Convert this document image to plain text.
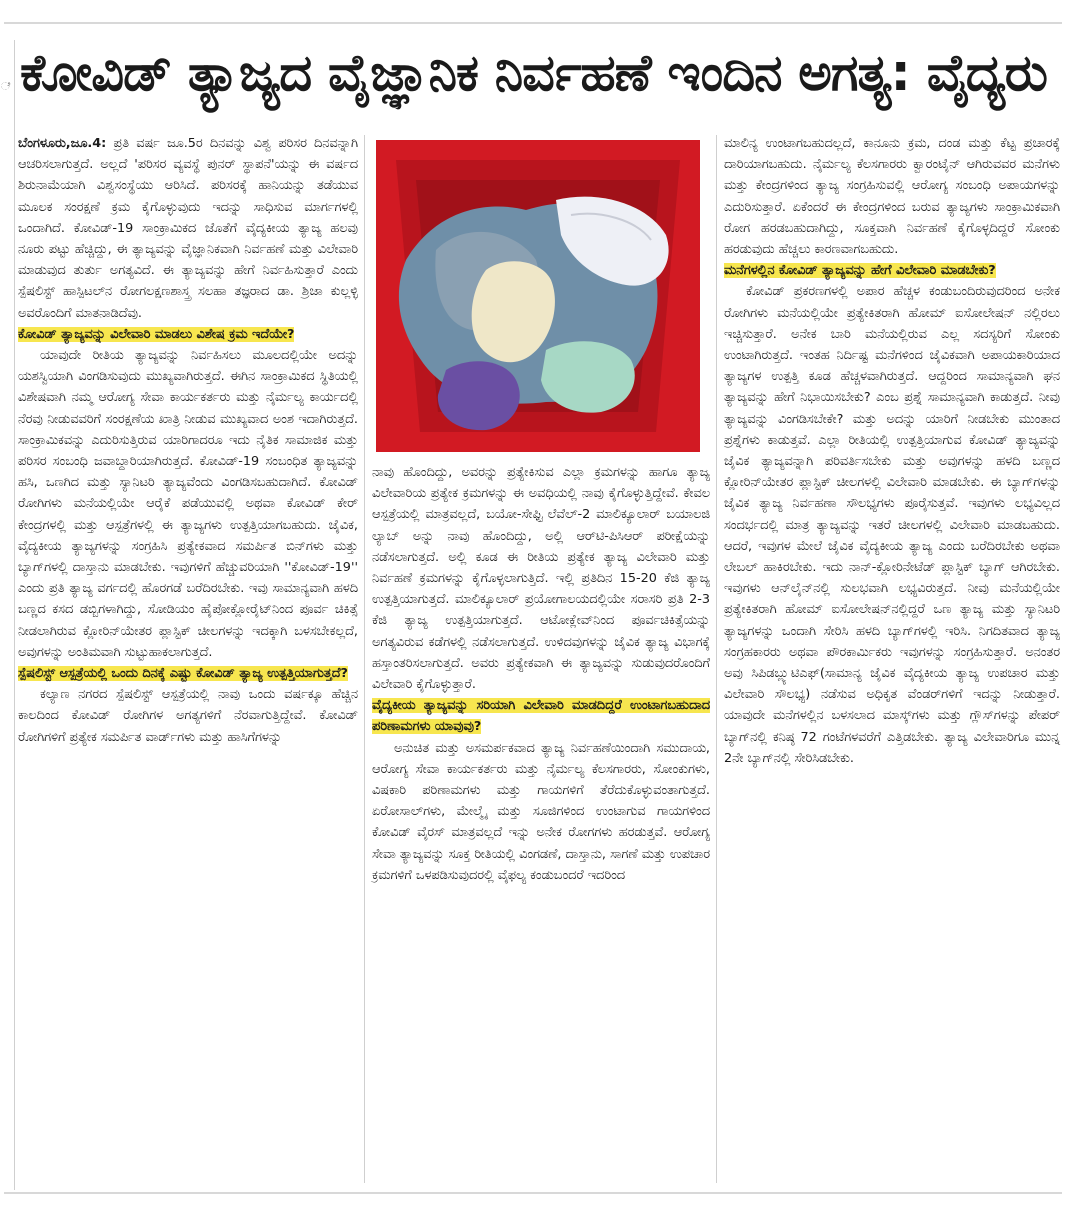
ೆ ಕೋವಿಡ್ ತ್ಯಾಜ್ಯದ ವೈಜ್ಞಾನಿಕ ನಿರ್ವಹಣೆ ಇಂದಿನ ಅಗತ್ಯ: ವೈದ್ಯರು

ಬೆಂಗಳೂರು,ಜೂ.4: ಪ್ರತಿ ವರ್ಷ ಜೂ.5ರ ದಿನವನ್ನು ವಿಶ್ವ ಪರಿಸರ ದಿನವನ್ನಾಗಿ ಆಚರಿಸಲಾಗುತ್ತದೆ. ಅಲ್ಲದೆ 'ಪರಿಸರ ವ್ಯವಸ್ಥೆ ಪುನರ್ ಸ್ಥಾಪನೆ'ಯನ್ನು ಈ ವರ್ಷದ ಶಿರುನಾಮೆಯಾಗಿ ವಿಶ್ವಸಂಸ್ಥೆಯು ಆರಿಸಿದೆ. ಪರಿಸರಕ್ಕೆ ಹಾನಿಯನ್ನು ತಡೆಯುವ ಮೂಲಕ ಸಂರಕ್ಷಣೆ ಕ್ರಮ ಕೈಗೊಳ್ಳುವುದು ಇದನ್ನು ಸಾಧಿಸುವ ಮಾರ್ಗಗಳಲ್ಲಿ ಒಂದಾಗಿದೆ. ಕೋವಿಡ್-19 ಸಾಂಕ್ರಾಮಿಕದ ಜೊತೆಗೆ ವೈದ್ಯಕೀಯ ತ್ಯಾಜ್ಯ ಹಲವು ನೂರು ಪಟ್ಟು ಹೆಚ್ಚಿದ್ದು, ಈ ತ್ಯಾಜ್ಯವನ್ನು ವೈಜ್ಞಾನಿಕವಾಗಿ ನಿರ್ವಹಣೆ ಮತ್ತು ವಿಲೇವಾರಿ ಮಾಡುವುದ ತುರ್ತು ಅಗತ್ಯವಿದೆ. ಈ ತ್ಯಾಜ್ಯವನ್ನು ಹೇಗೆ ನಿರ್ವಹಿಸುತ್ತಾರೆ ಎಂದು ಸ್ಪೆಷಲಿಸ್ಟ್ ಹಾಸ್ಪಿಟಲ್‌ನ ರೋಗಲಕ್ಷಣಶಾಸ್ತ್ರ ಸಲಹಾ ತಜ್ಞರಾದ ಡಾ. ಶ್ರಿಜಾ ಕುಲ್ಲಳ್ಳಿ ಅವರೊಂದಿಗೆ ಮಾತನಾಡಿದೆವು.

ಕೋವಿಡ್ ತ್ಯಾಜ್ಯವನ್ನು ವಿಲೇವಾರಿ ಮಾಡಲು ವಿಶೇಷ ಕ್ರಮ ಇದೆಯೇ?

ಯಾವುದೇ ರೀತಿಯ ತ್ಯಾಜ್ಯವನ್ನು ನಿರ್ವಹಿಸಲು ಮೂಲದಲ್ಲಿಯೇ ಅದನ್ನು ಯಶಸ್ವಿಯಾಗಿ ವಿಂಗಡಿಸುವುದು ಮುಖ್ಯವಾಗಿರುತ್ತದೆ. ಈಗಿನ ಸಾಂಕ್ರಾಮಿಕದ ಸ್ಥಿತಿಯಲ್ಲಿ ವಿಶೇಷವಾಗಿ ನಮ್ಮ ಆರೋಗ್ಯ ಸೇವಾ ಕಾರ್ಯಕರ್ತರು ಮತ್ತು ನೈರ್ಮಲ್ಯ ಕಾರ್ಯದಲ್ಲಿ ನೆರವು ನೀಡುವವರಿಗೆ ಸಂರಕ್ಷಣೆಯ ಖಾತ್ರಿ ನೀಡುವ ಮುಖ್ಯವಾದ ಅಂಶ ಇದಾಗಿರುತ್ತದೆ. ಸಾಂಕ್ರಾಮಿಕವನ್ನು ಎದುರಿಸುತ್ತಿರುವ ಯಾರಿಗಾದರೂ ಇದು ನೈತಿಕ ಸಾಮಾಜಿಕ ಮತ್ತು ಪರಿಸರ ಸಂಬಂಧಿ ಜವಾಬ್ದಾರಿಯಾಗಿರುತ್ತದೆ. ಕೋವಿಡ್-19 ಸಂಬಂಧಿತ ತ್ಯಾಜ್ಯವನ್ನು ಹಸಿ, ಒಣಗಿದ ಮತ್ತು ಸ್ಯಾನಿಟರಿ ತ್ಯಾಜ್ಯವೆಂದು ವಿಂಗಡಿಸಬಹುದಾಗಿದೆ. ಕೋವಿಡ್ ರೋಗಿಗಳು ಮನೆಯಲ್ಲಿಯೇ ಆರೈಕೆ ಪಡೆಯುವಲ್ಲಿ ಅಥವಾ ಕೋವಿಡ್ ಕೇರ್ ಕೇಂದ್ರಗಳಲ್ಲಿ ಮತ್ತು ಆಸ್ಪತ್ರೆಗಳಲ್ಲಿ ಈ ತ್ಯಾಜ್ಯಗಳು ಉತ್ಪತ್ತಿಯಾಗಬಹುದು. ಜೈವಿಕ, ವೈದ್ಯಕೀಯ ತ್ಯಾಜ್ಯಗಳನ್ನು ಸಂಗ್ರಹಿಸಿ ಪ್ರತ್ಯೇಕವಾದ ಸಮರ್ಪಿತ ಬಿನ್‌ಗಳು ಮತ್ತು ಬ್ಯಾಗ್‌ಗಳಲ್ಲಿ ದಾಸ್ತಾನು ಮಾಡಬೇಕು. ಇವುಗಳಿಗೆ ಹೆಚ್ಚುವರಿಯಾಗಿ ''ಕೋವಿಡ್-19'' ಎಂದು ಪ್ರತಿ ತ್ಯಾಜ್ಯ ವರ್ಗದಲ್ಲಿ ಹೊರಗಡೆ ಬರೆದಿರಬೇಕು. ಇವು ಸಾಮಾನ್ಯವಾಗಿ ಹಳದಿ ಬಣ್ಣದ ಕಸದ ಡಬ್ಬಿಗಳಾಗಿದ್ದು, ಸೋಡಿಯಂ ಹೈಪೋಕ್ಲೋರೈಟ್‌ನಿಂದ ಪೂರ್ವ ಚಿಕಿತ್ಸೆ ನೀಡಲಾಗಿರುವ ಕ್ಲೋರಿನ್‌ಯೇತರ ಪ್ಲಾಸ್ಟಿಕ್ ಚೀಲಗಳನ್ನು ಇದಕ್ಕಾಗಿ ಬಳಸಬೇಕಲ್ಲದೆ, ಅವುಗಳನ್ನು ಅಂತಿಮವಾಗಿ ಸುಟ್ಟುಹಾಕಲಾಗುತ್ತದೆ.

ಸ್ಪೆಷಲಿಸ್ಟ್ ಆಸ್ಪತ್ರೆಯಲ್ಲಿ ಒಂದು ದಿನಕ್ಕೆ ಎಷ್ಟು ಕೋವಿಡ್ ತ್ಯಾಜ್ಯ ಉತ್ಪತ್ತಿಯಾಗುತ್ತದೆ?

ಕಲ್ಯಾಣ ನಗರದ ಸ್ಪೆಷಲಿಸ್ಟ್ ಆಸ್ಪತ್ರೆಯಲ್ಲಿ ನಾವು ಒಂದು ವರ್ಷಕ್ಕೂ ಹೆಚ್ಚಿನ ಕಾಲದಿಂದ ಕೋವಿಡ್ ರೋಗಿಗಳ ಅಗತ್ಯಗಳಿಗೆ ನೆರವಾಗುತ್ತಿದ್ದೇವೆ. ಕೋವಿಡ್ ರೋಗಿಗಳಿಗೆ ಪ್ರತ್ಯೇಕ ಸಮರ್ಪಿತ ವಾರ್ಡ್‌ಗಳು ಮತ್ತು ಹಾಸಿಗೆಗಳನ್ನು

ನಾವು ಹೊಂದಿದ್ದು, ಅವರನ್ನು ಪ್ರತ್ಯೇಕಿಸುವ ಎಲ್ಲಾ ಕ್ರಮಗಳನ್ನು ಹಾಗೂ ತ್ಯಾಜ್ಯ ವಿಲೇವಾರಿಯ ಪ್ರತ್ಯೇಕ ಕ್ರಮಗಳನ್ನು ಈ ಅವಧಿಯಲ್ಲಿ ನಾವು ಕೈಗೊಳ್ಳುತ್ತಿದ್ದೇವೆ. ಕೇವಲ ಆಸ್ಪತ್ರೆಯಲ್ಲಿ ಮಾತ್ರವಲ್ಲದೆ, ಬಯೋ-ಸೇಫ್ಟಿ ಲೆವೆಲ್-2 ಮಾಲಿಕ್ಯೂಲಾರ್ ಬಯಾಲಜಿ ಲ್ಯಾಬ್ ಅನ್ನು ನಾವು ಹೊಂದಿದ್ದು, ಅಲ್ಲಿ ಆರ್‌ಟಿ-ಪಿಸಿಆರ್ ಪರೀಕ್ಷೆಯನ್ನು ನಡೆಸಲಾಗುತ್ತದೆ. ಅಲ್ಲಿ ಕೂಡ ಈ ರೀತಿಯ ಪ್ರತ್ಯೇಕ ತ್ಯಾಜ್ಯ ವಿಲೇವಾರಿ ಮತ್ತು ನಿರ್ವಹಣೆ ಕ್ರಮಗಳನ್ನು ಕೈಗೊಳ್ಳಲಾಗುತ್ತಿದೆ. ಇಲ್ಲಿ ಪ್ರತಿದಿನ 15-20 ಕೆಜಿ ತ್ಯಾಜ್ಯ ಉತ್ಪತ್ತಿಯಾಗುತ್ತದೆ. ಮಾಲಿಕ್ಯೂಲಾರ್ ಪ್ರಯೋಗಾಲಯದಲ್ಲಿಯೇ ಸರಾಸರಿ ಪ್ರತಿ 2-3 ಕೆಜಿ ತ್ಯಾಜ್ಯ ಉತ್ಪತ್ತಿಯಾಗುತ್ತದೆ. ಆಟೋಕ್ಲೇವ್‌ನಿಂದ ಪೂರ್ವಚಿಕಿತ್ಸೆಯನ್ನು ಅಗತ್ಯವಿರುವ ಕಡೆಗಳಲ್ಲಿ ನಡೆಸಲಾಗುತ್ತದೆ. ಉಳಿದವುಗಳನ್ನು ಜೈವಿಕ ತ್ಯಾಜ್ಯ ವಿಭಾಗಕ್ಕೆ ಹಸ್ತಾಂತರಿಸಲಾಗುತ್ತದೆ. ಅವರು ಪ್ರತ್ಯೇಕವಾಗಿ ಈ ತ್ಯಾಜ್ಯವನ್ನು ಸುಡುವುದರೊಂದಿಗೆ ವಿಲೇವಾರಿ ಕೈಗೊಳ್ಳುತ್ತಾರೆ.

ವೈದ್ಯಕೀಯ ತ್ಯಾಜ್ಯವನ್ನು ಸರಿಯಾಗಿ ವಿಲೇವಾರಿ ಮಾಡದಿದ್ದರೆ ಉಂಟಾಗಬಹುದಾದ ಪರಿಣಾಮಗಳು ಯಾವುವು?

ಅನುಚಿತ ಮತ್ತು ಅಸಮರ್ಪಕವಾದ ತ್ಯಾಜ್ಯ ನಿರ್ವಹಣೆಯಿಂದಾಗಿ ಸಮುದಾಯ, ಆರೋಗ್ಯ ಸೇವಾ ಕಾರ್ಯಕರ್ತರು ಮತ್ತು ನೈರ್ಮಲ್ಯ ಕೆಲಸಗಾರರು, ಸೋಂಕುಗಳು, ವಿಷಕಾರಿ ಪರಿಣಾಮಗಳು ಮತ್ತು ಗಾಯಗಳಿಗೆ ತೆರೆದುಕೊಳ್ಳುವಂತಾಗುತ್ತದೆ. ಏರೋಸಾಲ್‌ಗಳು, ಮೇಲ್ಮೈ ಮತ್ತು ಸೂಜಿಗಳಿಂದ ಉಂಟಾಗುವ ಗಾಯಗಳಿಂದ ಕೋವಿಡ್ ವೈರಸ್ ಮಾತ್ರವಲ್ಲದೆ ಇನ್ನು ಅನೇಕ ರೋಗಗಳು ಹರಡುತ್ತವೆ. ಆರೋಗ್ಯ ಸೇವಾ ತ್ಯಾಜ್ಯವನ್ನು ಸೂಕ್ತ ರೀತಿಯಲ್ಲಿ ವಿಂಗಡಣೆ, ದಾಸ್ತಾನು, ಸಾಗಣೆ ಮತ್ತು ಉಪಚಾರ ಕ್ರಮಗಳಿಗೆ ಒಳಪಡಿಸುವುದರಲ್ಲಿ ವೈಫಲ್ಯ ಕಂಡುಬಂದರೆ ಇದರಿಂದ

ಮಾಲಿನ್ಯ ಉಂಟಾಗಬಹುದಲ್ಲದೆ, ಕಾನೂನು ಕ್ರಮ, ದಂಡ ಮತ್ತು ಕೆಟ್ಟ ಪ್ರಚಾರಕ್ಕೆ ದಾರಿಯಾಗಬಹುದು. ನೈರ್ಮಲ್ಯ ಕೆಲಸಗಾರರು ಕ್ವಾರಂಟೈನ್ ಆಗಿರುವವರ ಮನೆಗಳು ಮತ್ತು ಕೇಂದ್ರಗಳಿಂದ ತ್ಯಾಜ್ಯ ಸಂಗ್ರಹಿಸುವಲ್ಲಿ ಆರೋಗ್ಯ ಸಂಬಂಧಿ ಅಪಾಯಗಳನ್ನು ಎದುರಿಸುತ್ತಾರೆ. ಏಕೆಂದರೆ ಈ ಕೇಂದ್ರಗಳಿಂದ ಬರುವ ತ್ಯಾಜ್ಯಗಳು ಸಾಂಕ್ರಾಮಿಕವಾಗಿ ರೋಗ ಹರಡಬಹುದಾಗಿದ್ದು, ಸೂಕ್ತವಾಗಿ ನಿರ್ವಹಣೆ ಕೈಗೊಳ್ಳದಿದ್ದರೆ ಸೋಂಕು ಹರಡುವುದು ಹೆಚ್ಚಲು ಕಾರಣವಾಗಬಹುದು.

ಮನೆಗಳಲ್ಲಿನ ಕೋವಿಡ್ ತ್ಯಾಜ್ಯವನ್ನು ಹೇಗೆ ವಿಲೇವಾರಿ ಮಾಡಬೇಕು?

ಕೋವಿಡ್ ಪ್ರಕರಣಗಳಲ್ಲಿ ಅಪಾರ ಹೆಚ್ಚಳ ಕಂಡುಬಂದಿರುವುದರಿಂದ ಅನೇಕ ರೋಗಿಗಳು ಮನೆಯಲ್ಲಿಯೇ ಪ್ರತ್ಯೇಕಿತರಾಗಿ ಹೋಮ್ ಐಸೋಲೇಷನ್ ನಲ್ಲಿರಲು ಇಚ್ಚಿಸುತ್ತಾರೆ. ಅನೇಕ ಬಾರಿ ಮನೆಯಲ್ಲಿರುವ ಎಲ್ಲ ಸದಸ್ಯರಿಗೆ ಸೋಂಕು ಉಂಟಾಗಿರುತ್ತದೆ. ಇಂತಹ ನಿರ್ದಿಷ್ಟ ಮನೆಗಳಿಂದ ಜೈವಿಕವಾಗಿ ಅಪಾಯಕಾರಿಯಾದ ತ್ಯಾಜ್ಯಗಳ ಉತ್ಪತ್ತಿ ಕೂಡ ಹೆಚ್ಚಳವಾಗಿರುತ್ತದೆ. ಆದ್ದರಿಂದ ಸಾಮಾನ್ಯವಾಗಿ ಘನ ತ್ಯಾಜ್ಯವನ್ನು ಹೇಗೆ ನಿಭಾಯಿಸಬೇಕು? ಎಂಬ ಪ್ರಶ್ನೆ ಸಾಮಾನ್ಯವಾಗಿ ಕಾಡುತ್ತದೆ. ನೀವು ತ್ಯಾಜ್ಯವನ್ನು ವಿಂಗಡಿಸಬೇಕೇ? ಮತ್ತು ಅದನ್ನು ಯಾರಿಗೆ ನೀಡಬೇಕು ಮುಂತಾದ ಪ್ರಶ್ನೆಗಳು ಕಾಡುತ್ತವೆ. ಎಲ್ಲಾ ರೀತಿಯಲ್ಲಿ ಉತ್ಪತ್ತಿಯಾಗುವ ಕೋವಿಡ್ ತ್ಯಾಜ್ಯವನ್ನು ಜೈವಿಕ ತ್ಯಾಜ್ಯವನ್ನಾಗಿ ಪರಿವರ್ತಿಸಬೇಕು ಮತ್ತು ಅವುಗಳನ್ನು ಹಳದಿ ಬಣ್ಣದ ಕ್ಲೋರಿನ್‌ಯೇತರ ಪ್ಲಾಸ್ಟಿಕ್ ಚೀಲಗಳಲ್ಲಿ ವಿಲೇವಾರಿ ಮಾಡಬೇಕು. ಈ ಬ್ಯಾಗ್‌ಗಳನ್ನು ಜೈವಿಕ ತ್ಯಾಜ್ಯ ನಿರ್ವಹಣಾ ಸೌಲಭ್ಯಗಳು ಪೂರೈಸುತ್ತವೆ. ಇವುಗಳು ಲಭ್ಯವಿಲ್ಲದ ಸಂದರ್ಭದಲ್ಲಿ ಮಾತ್ರ ತ್ಯಾಜ್ಯವನ್ನು ಇತರೆ ಚೀಲಗಳಲ್ಲಿ ವಿಲೇವಾರಿ ಮಾಡಬಹುದು. ಆದರೆ, ಇವುಗಳ ಮೇಲೆ ಜೈವಿಕ ವೈದ್ಯಕೀಯ ತ್ಯಾಜ್ಯ ಎಂದು ಬರೆದಿರಬೇಕು ಅಥವಾ ಲೇಬಲ್ ಹಾಕಿರಬೇಕು. ಇದು ನಾನ್-ಕ್ಲೋರಿನೇಟೆಡ್ ಪ್ಲಾಸ್ಟಿಕ್ ಬ್ಯಾಗ್ ಆಗಿರಬೇಕು. ಇವುಗಳು ಆನ್‌ಲೈನ್‌ನಲ್ಲಿ ಸುಲಭವಾಗಿ ಲಭ್ಯವಿರುತ್ತದೆ. ನೀವು ಮನೆಯಲ್ಲಿಯೇ ಪ್ರತ್ಯೇಕಿತರಾಗಿ ಹೋಮ್ ಐಸೋಲೇಷನ್‌ನಲ್ಲಿದ್ದರೆ ಒಣ ತ್ಯಾಜ್ಯ ಮತ್ತು ಸ್ಯಾನಿಟರಿ ತ್ಯಾಜ್ಯಗಳನ್ನು ಒಂದಾಗಿ ಸೇರಿಸಿ ಹಳದಿ ಬ್ಯಾಗ್‌ಗಳಲ್ಲಿ ಇರಿಸಿ. ನಿಗದಿತವಾದ ತ್ಯಾಜ್ಯ ಸಂಗ್ರಹಕಾರರು ಅಥವಾ ಪೌರಕಾರ್ಮಿಕರು ಇವುಗಳನ್ನು ಸಂಗ್ರಹಿಸುತ್ತಾರೆ. ಅನಂತರ ಅವು ಸಿಪಿಡಬ್ಲ್ಯುಟಿಎಫ್(ಸಾಮಾನ್ಯ ಜೈವಿಕ ವೈದ್ಯಕೀಯ ತ್ಯಾಜ್ಯ ಉಪಚಾರ ಮತ್ತು ವಿಲೇವಾರಿ ಸೌಲಭ್ಯ) ನಡೆಸುವ ಅಧಿಕೃತ ವೆಂಡರ್‌ಗಳಿಗೆ ಇದನ್ನು ನೀಡುತ್ತಾರೆ. ಯಾವುದೇ ಮನೆಗಳಲ್ಲಿನ ಬಳಸಲಾದ ಮಾಸ್ಕ್‌ಗಳು ಮತ್ತು ಗ್ಲೌಸ್‌ಗಳನ್ನು ಪೇಪರ್ ಬ್ಯಾಗ್‌ನಲ್ಲಿ ಕನಿಷ್ಠ 72 ಗಂಟೆಗಳವರೆಗೆ ಎತ್ತಿಡಬೇಕು. ತ್ಯಾಜ್ಯ ವಿಲೇವಾರಿಗೂ ಮುನ್ನ 2ನೇ ಬ್ಯಾಗ್‌ನಲ್ಲಿ ಸೇರಿಸಿಡಬೇಕು.
